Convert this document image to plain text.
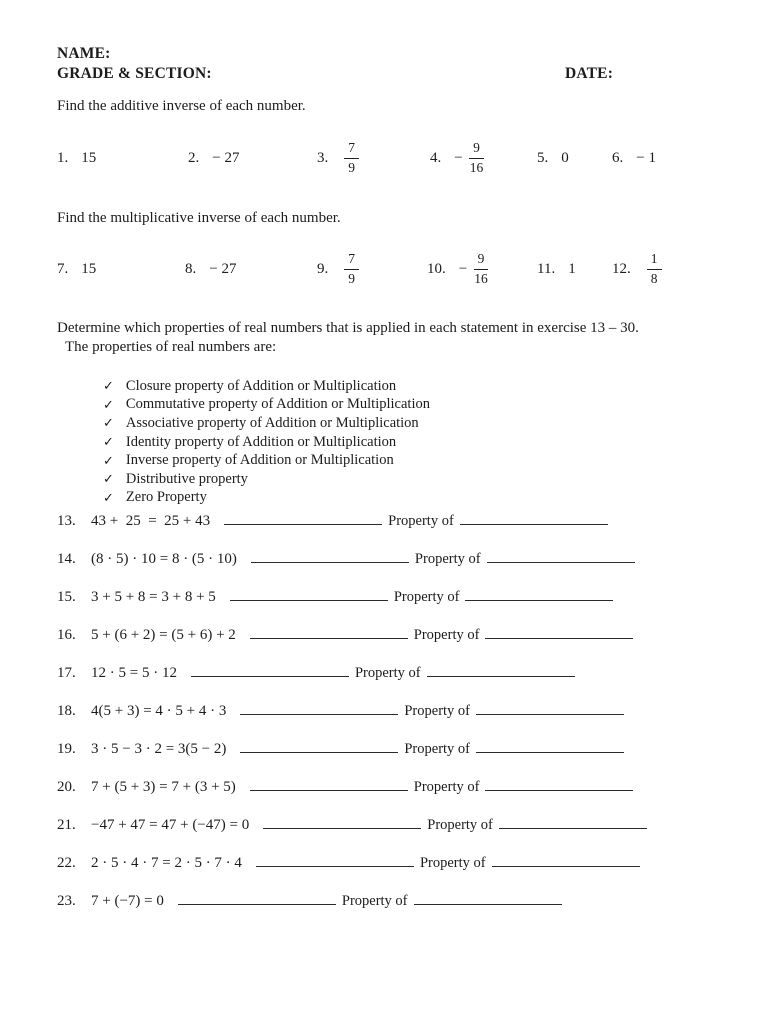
NAME:
GRADE & SECTION:	DATE:
Find the additive inverse of each number.
1. 15	2. − 27	3. $\frac{7}{9}$	4. − $\frac{9}{16}$	5. 0	6. − 1
Find the multiplicative inverse of each number.
7. 15	8. − 27	9. $\frac{7}{9}$	10. − $\frac{9}{16}$	11. 1 12. $\frac{1}{8}$
Determine which properties of real numbers that is applied in each statement in exercise 13 – 30.
The properties of real numbers are:
✓ Closure property of Addition or Multiplication
✓ Commutative property of Addition or Multiplication
✓ Associative property of Addition or Multiplication
✓ Identity property of Addition or Multiplication
✓ Inverse property of Addition or Multiplication
✓ Distributive property
✓ Zero Property
13.	43 +  25  =  25 + 43	Property of
14.	(8 · 5) · 10 = 8 · (5 · 10)	Property of
15.	3 + 5 + 8 = 3 + 8 + 5	Property of
16.	5 + (6 + 2) = (5 + 6) + 2	Property of
17.	12 · 5 = 5 · 12	Property of
18.	4(5 + 3) = 4 · 5 + 4 · 3	Property of
19.	3 · 5 − 3 · 2 = 3(5 − 2)	Property of
20.	7 + (5 + 3) = 7 + (3 + 5)	Property of
21.	−47 + 47 = 47 + (−47) = 0	Property of
22.	2 · 5 · 4 · 7 = 2 · 5 · 7 · 4	Property of
23.	7 + (−7) = 0	Property of
